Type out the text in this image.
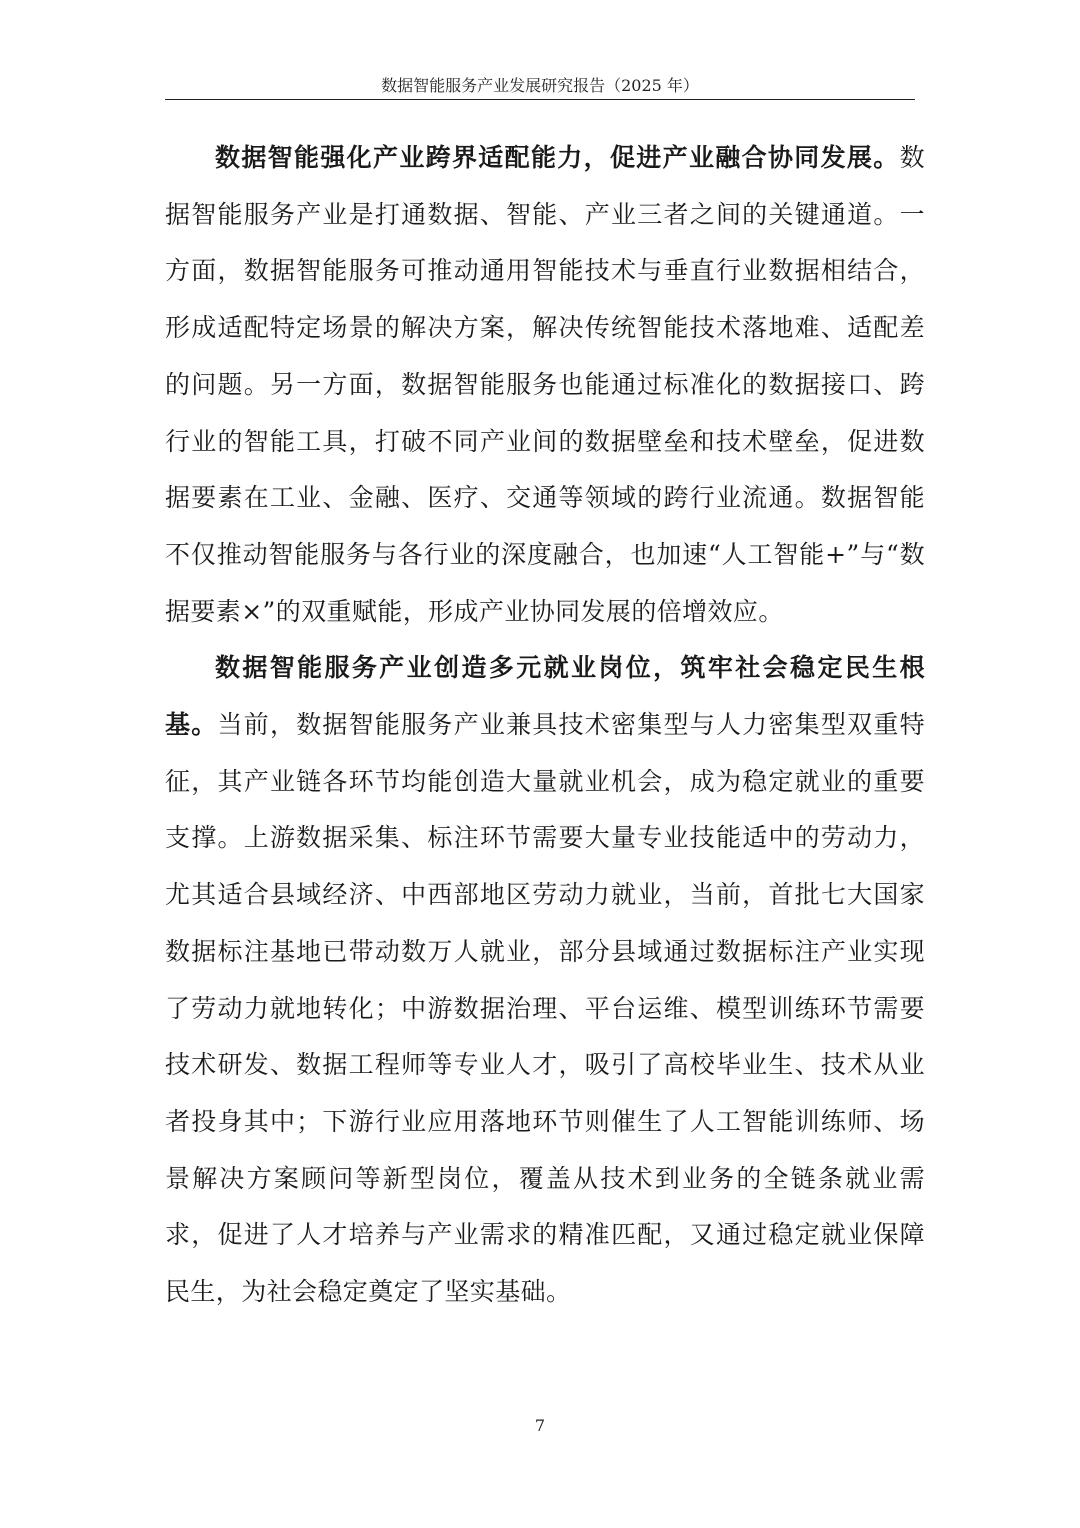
数据智能服务产业发展研究报告（2025 年）

数据智能强化产业跨界适配能力，促进产业融合协同发展。数据智能服务产业是打通数据、智能、产业三者之间的关键通道。一方面，数据智能服务可推动通用智能技术与垂直行业数据相结合，形成适配特定场景的解决方案，解决传统智能技术落地难、适配差的问题。另一方面，数据智能服务也能通过标准化的数据接口、跨行业的智能工具，打破不同产业间的数据壁垒和技术壁垒，促进数据要素在工业、金融、医疗、交通等领域的跨行业流通。数据智能不仅推动智能服务与各行业的深度融合，也加速“人工智能+”与“数据要素×”的双重赋能，形成产业协同发展的倍增效应。

数据智能服务产业创造多元就业岗位，筑牢社会稳定民生根基。当前，数据智能服务产业兼具技术密集型与人力密集型双重特征，其产业链各环节均能创造大量就业机会，成为稳定就业的重要支撑。上游数据采集、标注环节需要大量专业技能适中的劳动力，尤其适合县域经济、中西部地区劳动力就业，当前，首批七大国家数据标注基地已带动数万人就业，部分县域通过数据标注产业实现了劳动力就地转化；中游数据治理、平台运维、模型训练环节需要技术研发、数据工程师等专业人才，吸引了高校毕业生、技术从业者投身其中；下游行业应用落地环节则催生了人工智能训练师、场景解决方案顾问等新型岗位，覆盖从技术到业务的全链条就业需求，促进了人才培养与产业需求的精准匹配，又通过稳定就业保障民生，为社会稳定奠定了坚实基础。

7
